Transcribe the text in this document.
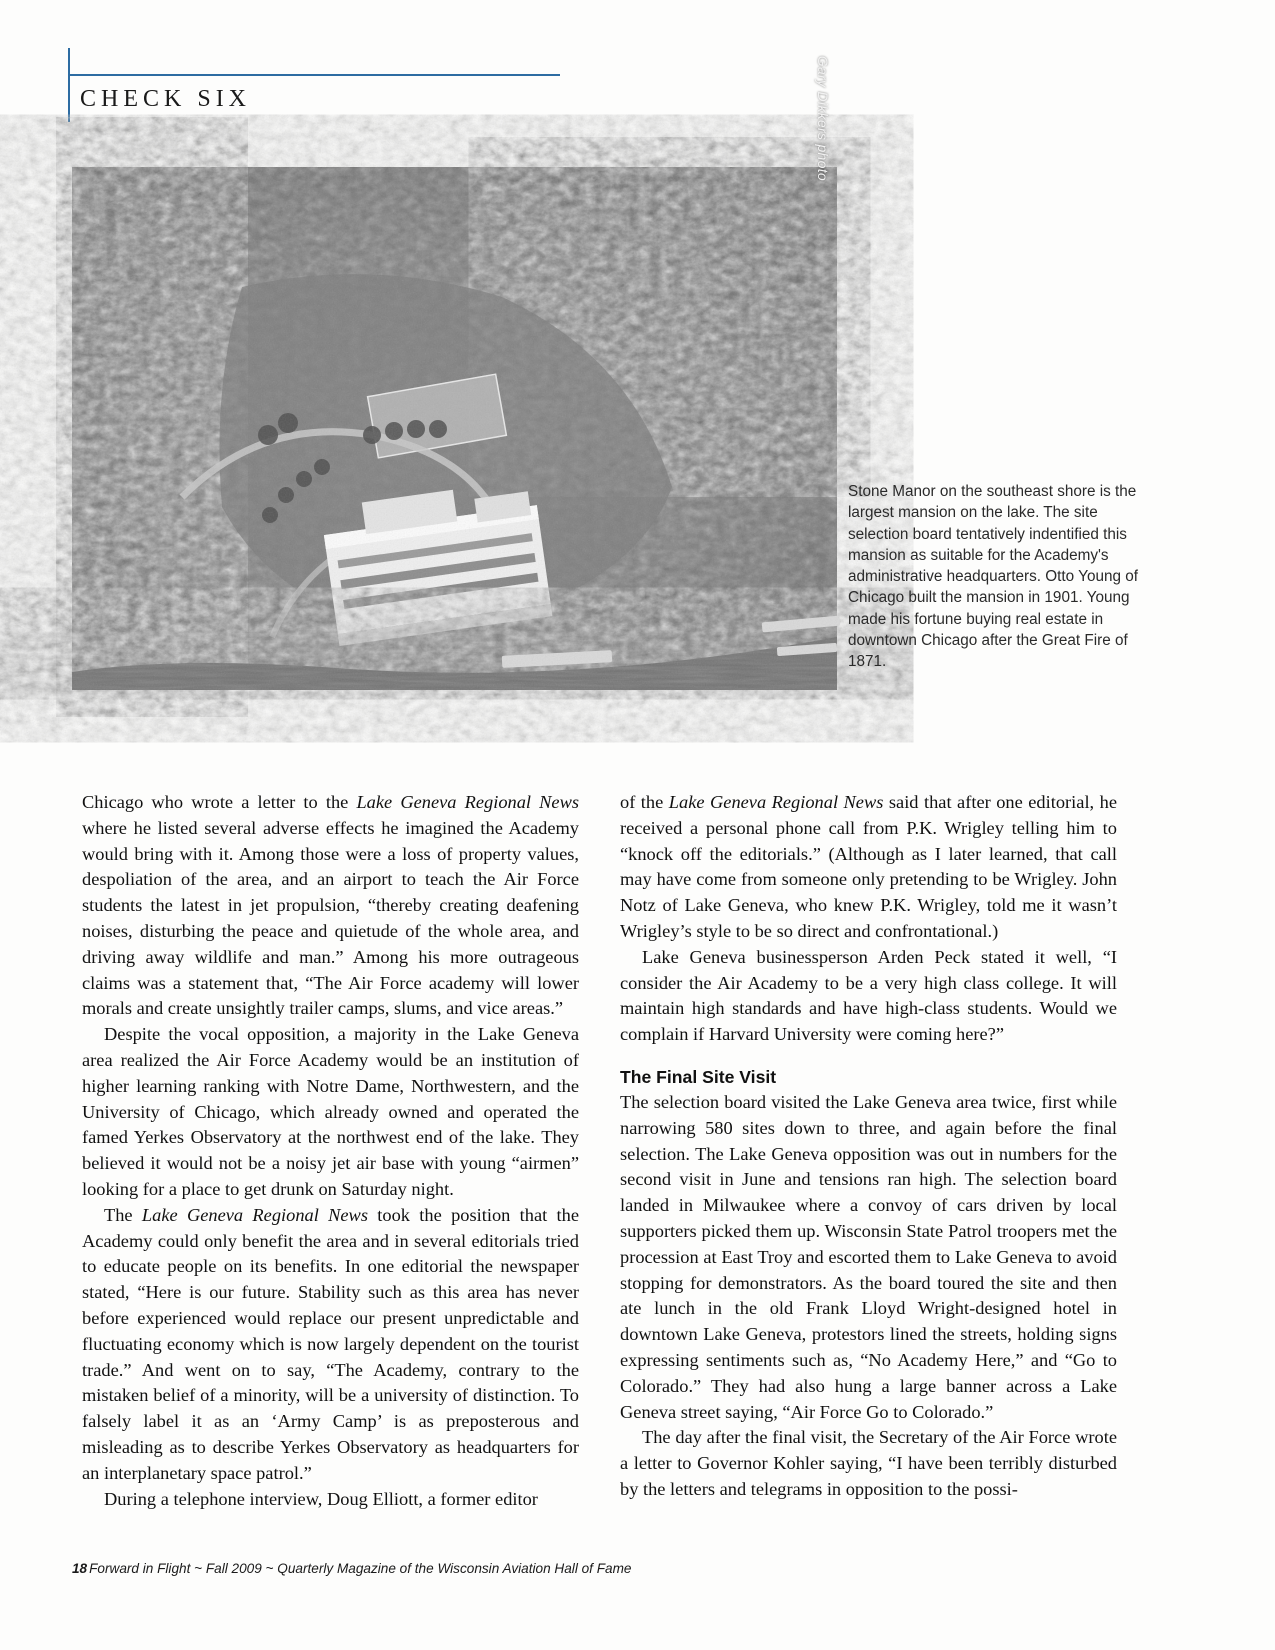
CHECK SIX	Gary Dikkers photo
Stone Manor on the southeast shore is the largest mansion on the lake. The site selection board tentatively indentified this mansion as suitable for the Academy's administrative headquarters. Otto Young of Chicago built the mansion in 1901. Young made his fortune buying real estate in downtown Chicago after the Great Fire of 1871.

Chicago who wrote a letter to the Lake Geneva Regional News where he listed several adverse effects he imagined the Academy would bring with it. Among those were a loss of property values, despoliation of the area, and an airport to teach the Air Force students the latest in jet propulsion, “thereby creating deafening noises, disturbing the peace and quietude of the whole area, and driving away wildlife and man.” Among his more outrageous claims was a statement that, “The Air Force academy will lower morals and create unsightly trailer camps, slums, and vice areas.”

Despite the vocal opposition, a majority in the Lake Geneva area realized the Air Force Academy would be an institution of higher learning ranking with Notre Dame, Northwestern, and the University of Chicago, which already owned and operated the famed Yerkes Observatory at the northwest end of the lake. They believed it would not be a noisy jet air base with young “airmen” looking for a place to get drunk on Saturday night.

The Lake Geneva Regional News took the position that the Academy could only benefit the area and in several editorials tried to educate people on its benefits. In one editorial the newspaper stated, “Here is our future. Stability such as this area has never before experienced would replace our present unpredictable and fluctuating economy which is now largely dependent on the tourist trade.” And went on to say, “The Academy, contrary to the mistaken belief of a minority, will be a university of distinction. To falsely label it as an ‘Army Camp’ is as preposterous and misleading as to describe Yerkes Observatory as headquarters for an interplanetary space patrol.”

During a telephone interview, Doug Elliott, a former editor

of the Lake Geneva Regional News said that after one editorial, he received a personal phone call from P.K. Wrigley telling him to “knock off the editorials.” (Although as I later learned, that call may have come from someone only pretending to be Wrigley. John Notz of Lake Geneva, who knew P.K. Wrigley, told me it wasn’t Wrigley’s style to be so direct and confrontational.)

Lake Geneva businessperson Arden Peck stated it well, “I consider the Air Academy to be a very high class college. It will maintain high standards and have high-class students. Would we complain if Harvard University were coming here?”

The Final Site Visit

The selection board visited the Lake Geneva area twice, first while narrowing 580 sites down to three, and again before the final selection. The Lake Geneva opposition was out in numbers for the second visit in June and tensions ran high. The selection board landed in Milwaukee where a convoy of cars driven by local supporters picked them up. Wisconsin State Patrol troopers met the procession at East Troy and escorted them to Lake Geneva to avoid stopping for demonstrators. As the board toured the site and then ate lunch in the old Frank Lloyd Wright-designed hotel in downtown Lake Geneva, protestors lined the streets, holding signs expressing sentiments such as, “No Academy Here,” and “Go to Colorado.” They had also hung a large banner across a Lake Geneva street saying, “Air Force Go to Colorado.”

The day after the final visit, the Secretary of the Air Force wrote a letter to Governor Kohler saying, “I have been terribly disturbed by the letters and telegrams in opposition to the possi-

18 Forward in Flight ~ Fall 2009 ~ Quarterly Magazine of the Wisconsin Aviation Hall of Fame
